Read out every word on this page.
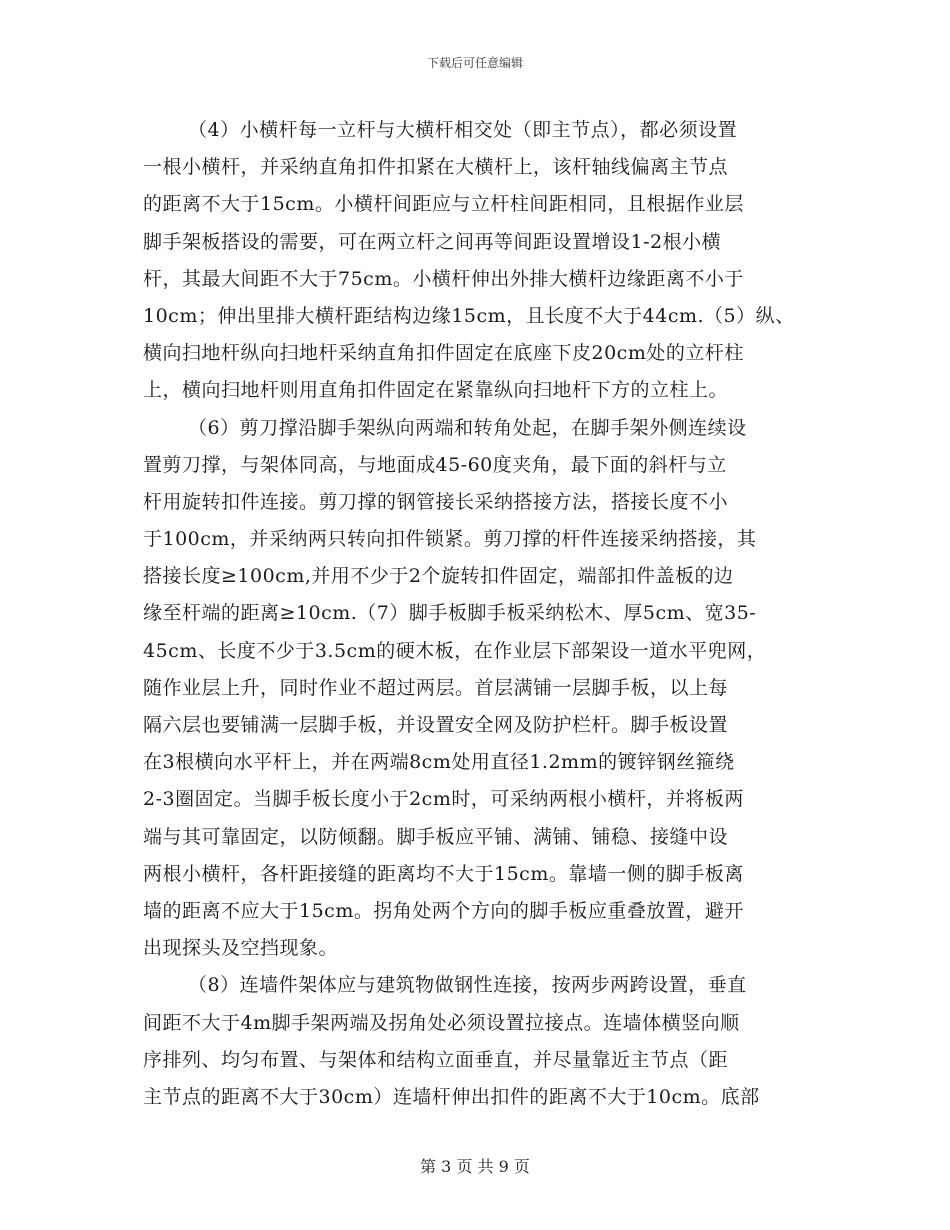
下载后可任意编辑
（4）小横杆每一立杆与大横杆相交处（即主节点），都必须设置
一根小横杆，并采纳直角扣件扣紧在大横杆上，该杆轴线偏离主节点
的距离不大于15cm。小横杆间距应与立杆柱间距相同，且根据作业层
脚手架板搭设的需要，可在两立杆之间再等间距设置增设1-2根小横
杆，其最大间距不大于75cm。小横杆伸出外排大横杆边缘距离不小于
10cm；伸出里排大横杆距结构边缘15cm，且长度不大于44cm.（5）纵、
横向扫地杆纵向扫地杆采纳直角扣件固定在底座下皮20cm处的立杆柱
上，横向扫地杆则用直角扣件固定在紧靠纵向扫地杆下方的立柱上。
（6）剪刀撑沿脚手架纵向两端和转角处起，在脚手架外侧连续设
置剪刀撑，与架体同高，与地面成45-60度夹角，最下面的斜杆与立
杆用旋转扣件连接。剪刀撑的钢管接长采纳搭接方法，搭接长度不小
于100cm，并采纳两只转向扣件锁紧。剪刀撑的杆件连接采纳搭接，其
搭接长度≥100cm,并用不少于2个旋转扣件固定，端部扣件盖板的边
缘至杆端的距离≥10cm.（7）脚手板脚手板采纳松木、厚5cm、宽35-
45cm、长度不少于3.5cm的硬木板，在作业层下部架设一道水平兜网，
随作业层上升，同时作业不超过两层。首层满铺一层脚手板，以上每
隔六层也要铺满一层脚手板，并设置安全网及防护栏杆。脚手板设置
在3根横向水平杆上，并在两端8cm处用直径1.2mm的镀锌钢丝箍绕
2-3圈固定。当脚手板长度小于2cm时，可采纳两根小横杆，并将板两
端与其可靠固定，以防倾翻。脚手板应平铺、满铺、铺稳、接缝中设
两根小横杆，各杆距接缝的距离均不大于15cm。靠墙一侧的脚手板离
墙的距离不应大于15cm。拐角处两个方向的脚手板应重叠放置，避开
出现探头及空挡现象。
（8）连墙件架体应与建筑物做钢性连接，按两步两跨设置，垂直
间距不大于4m脚手架两端及拐角处必须设置拉接点。连墙体横竖向顺
序排列、均匀布置、与架体和结构立面垂直，并尽量靠近主节点（距
主节点的距离不大于30cm）连墙杆伸出扣件的距离不大于10cm。底部
第 3 页 共 9 页
